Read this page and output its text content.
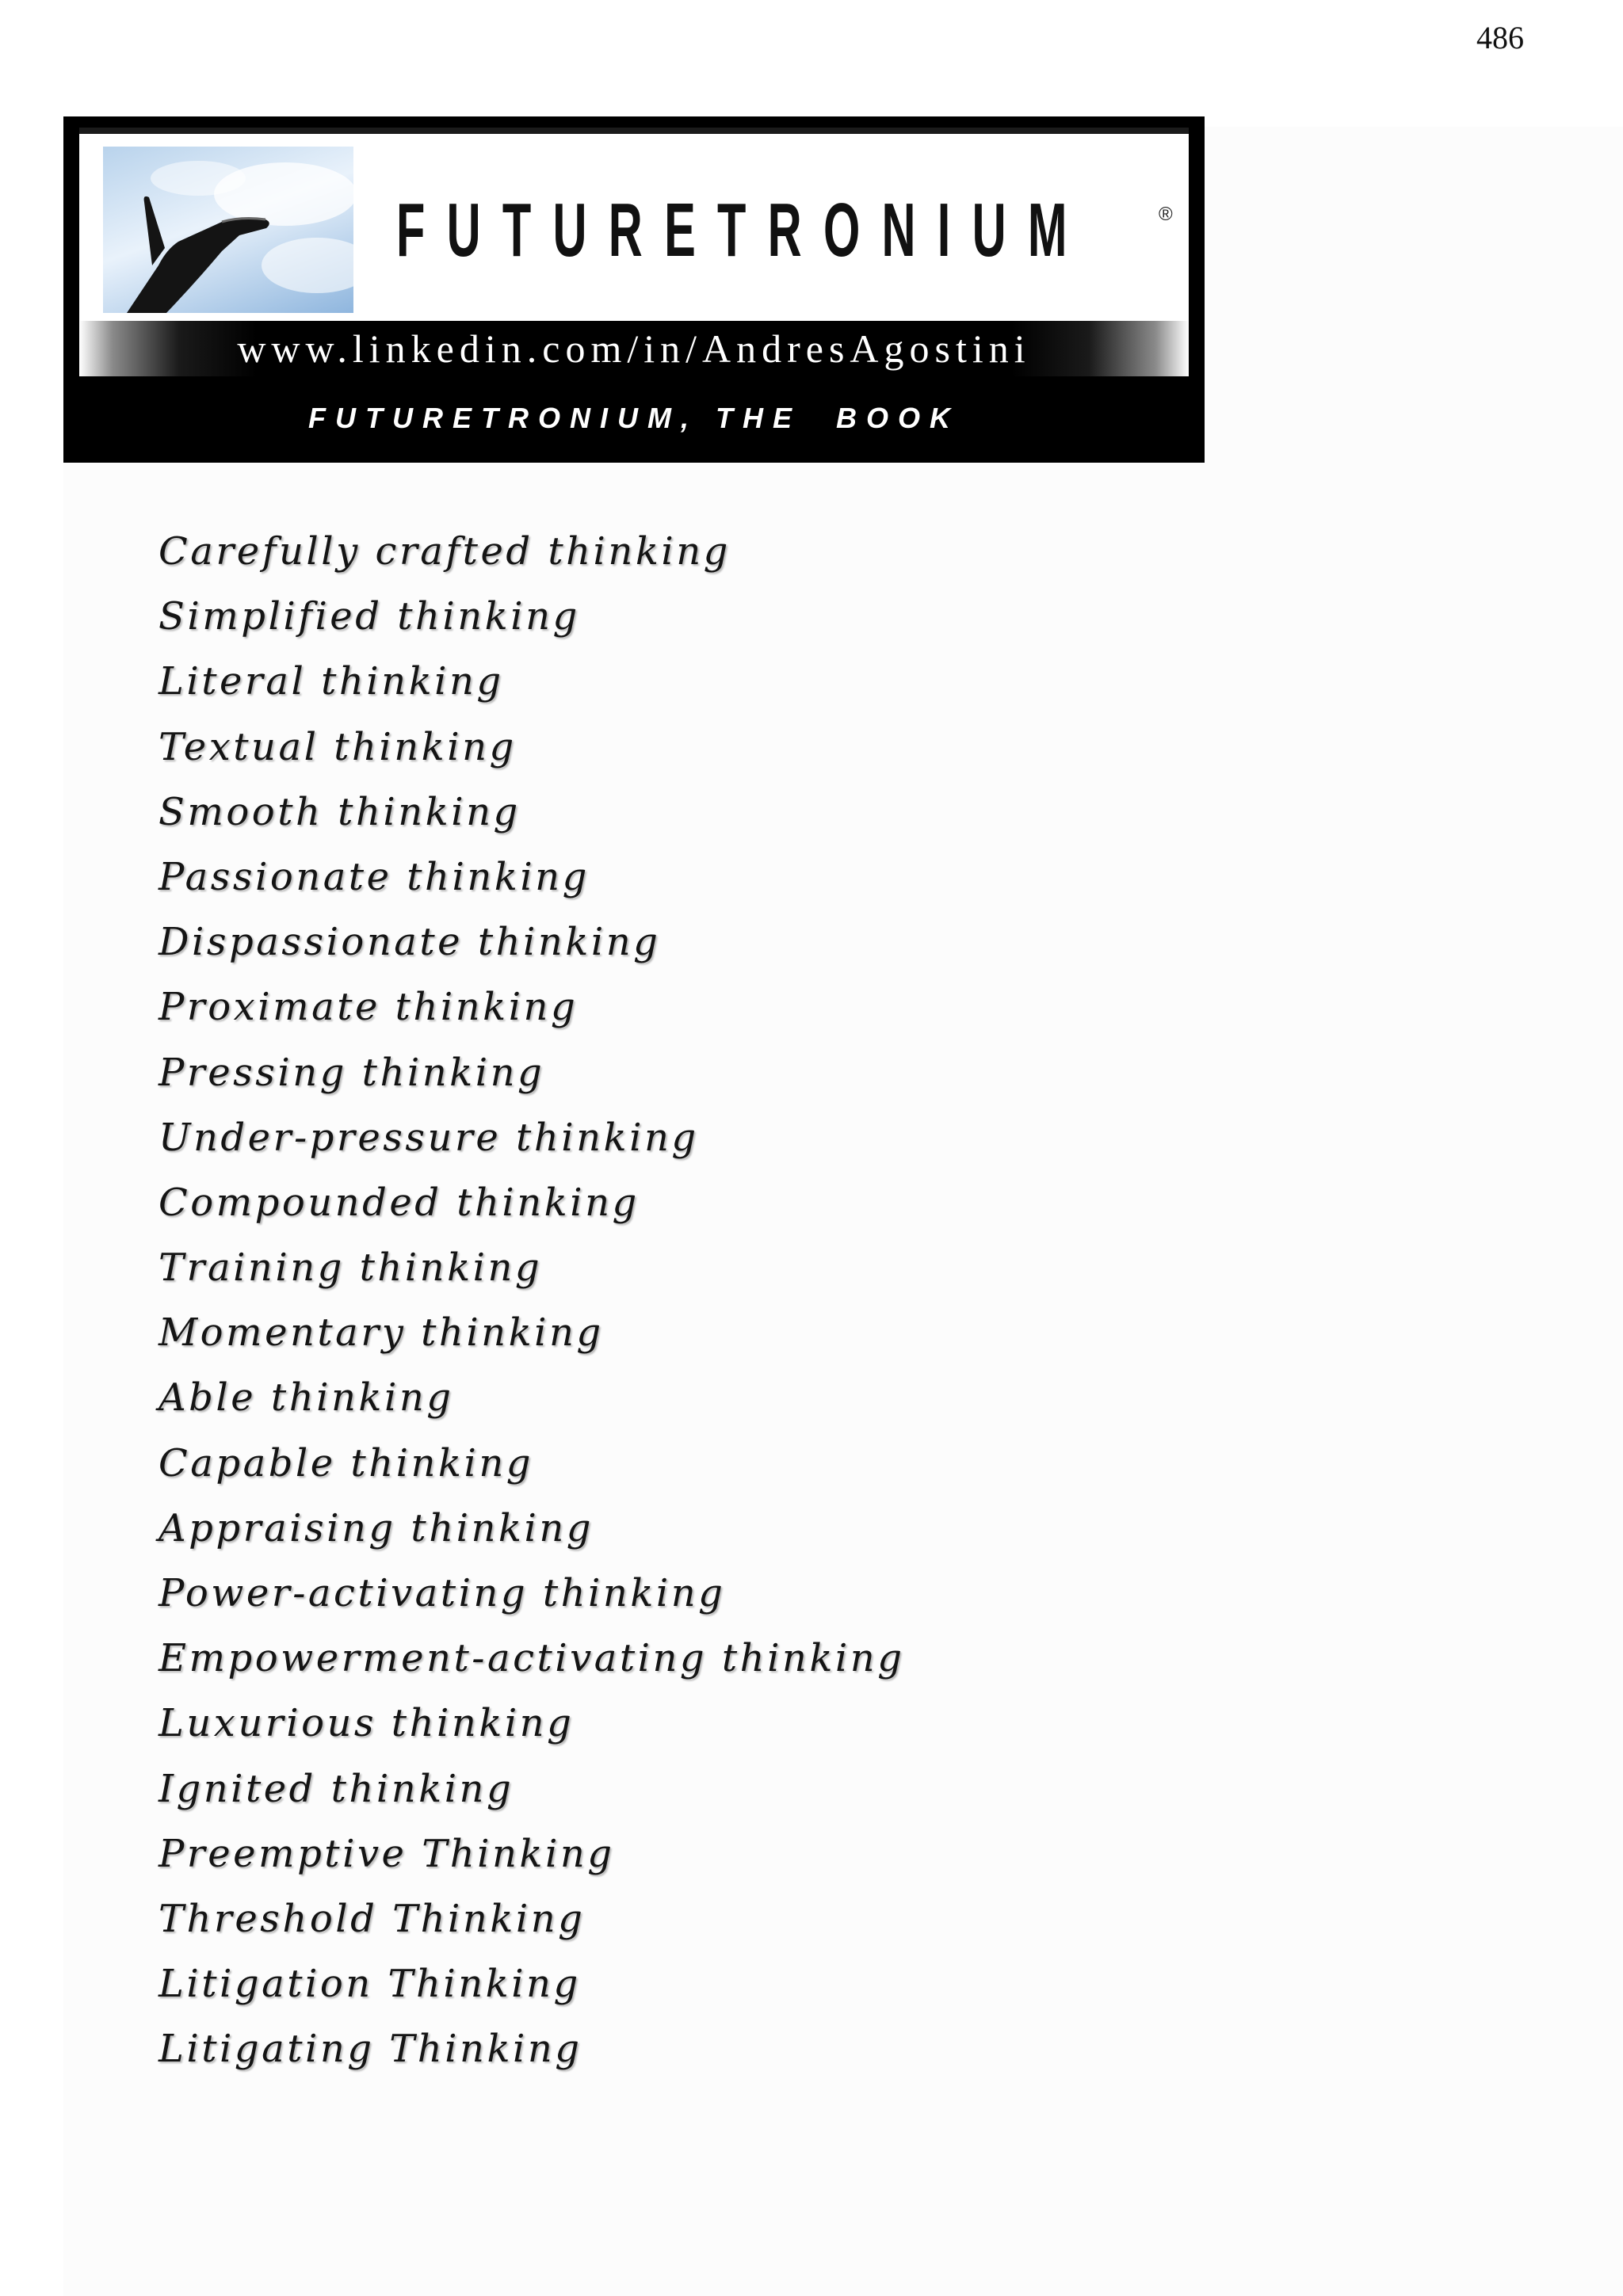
486
FUTURETRONIUM	®
www.linkedin.com/in/AndresAgostini
FUTURETRONIUM, THE  BOOK
Carefully crafted thinking
Simplified thinking
Literal thinking
Textual thinking
Smooth thinking
Passionate thinking
Dispassionate thinking
Proximate thinking
Pressing thinking
Under-pressure thinking
Compounded thinking
Training thinking
Momentary thinking
Able thinking
Capable thinking
Appraising thinking
Power-activating thinking
Empowerment-activating thinking
Luxurious thinking
Ignited thinking
Preemptive Thinking
Threshold Thinking
Litigation Thinking
Litigating Thinking
